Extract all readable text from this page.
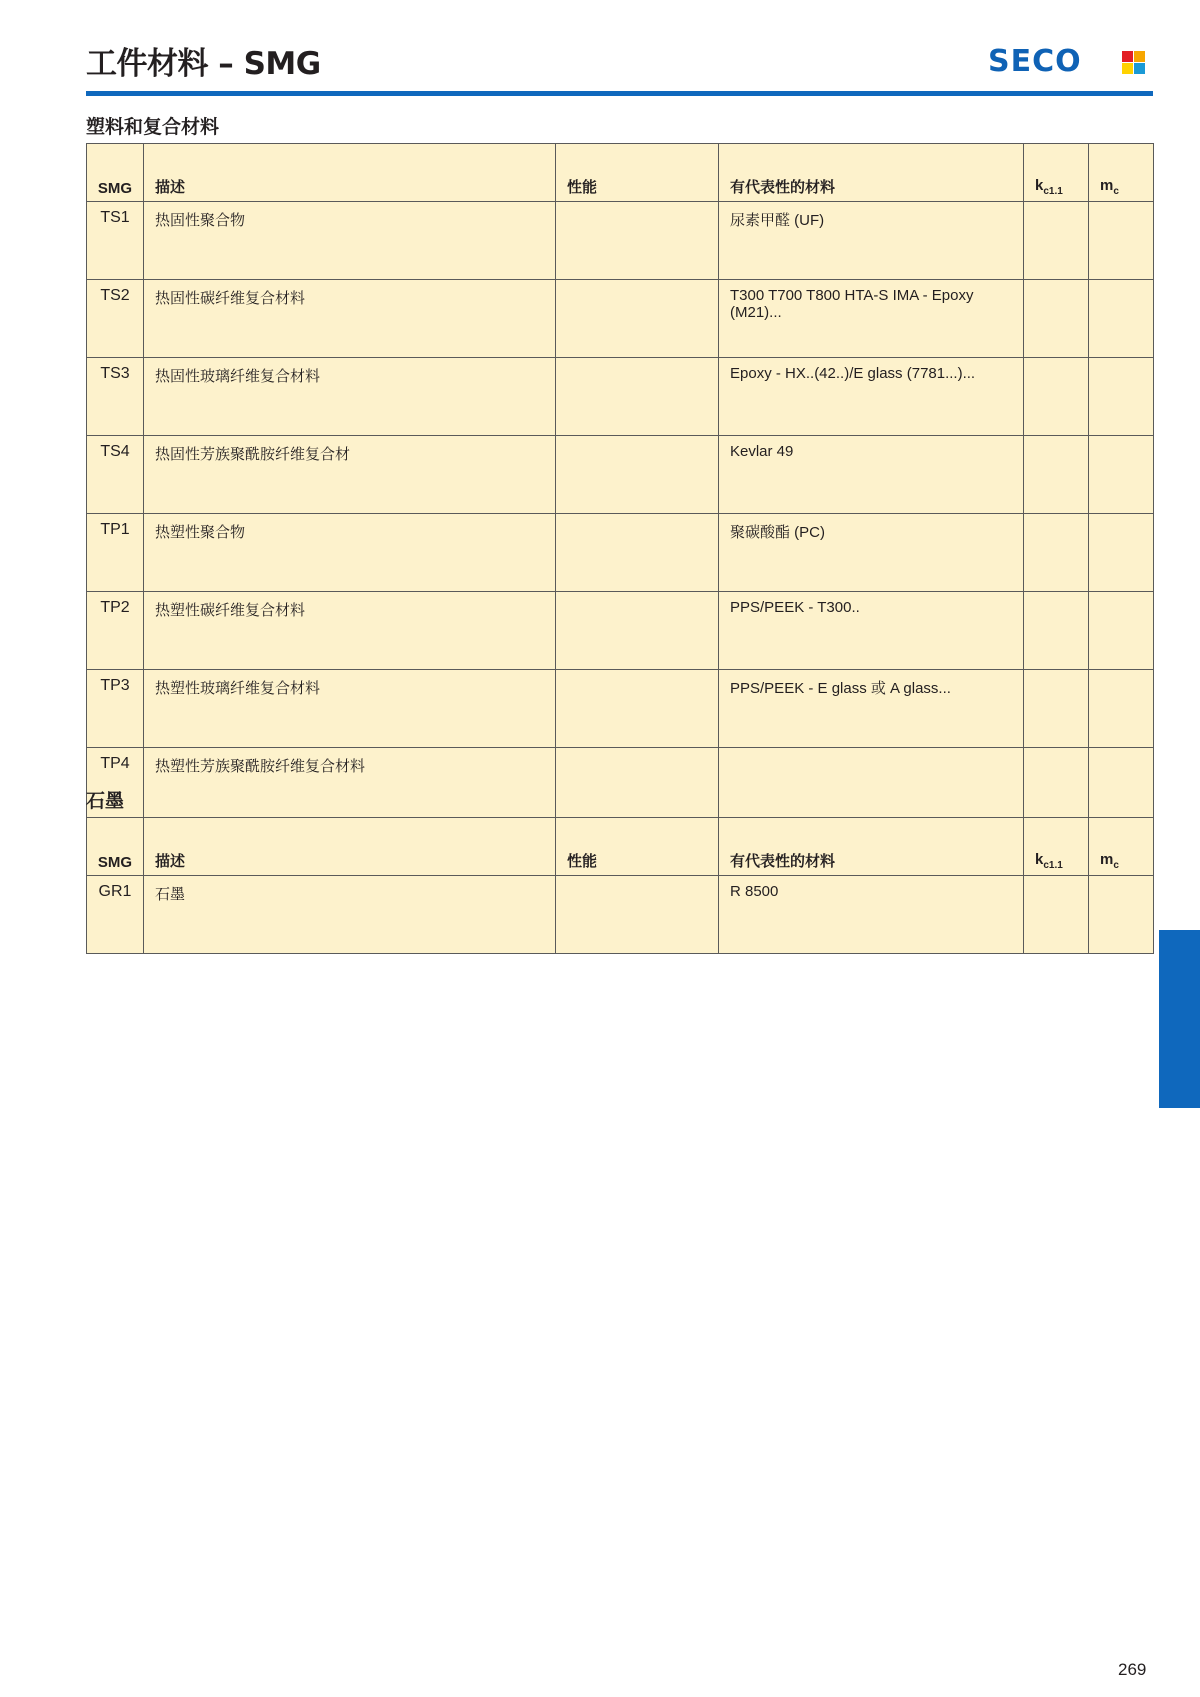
工件材料 – SMG	SECO
塑料和复合材料
SMG	描述	性能	有代表性的材料	$k_{c1.1}$	$m_c$
TS1	热固性聚合物		尿素甲醛 (UF)		
TS2	热固性碳纤维复合材料		T300 T700 T800 HTA-S IMA - Epoxy (M21)...		
TS3	热固性玻璃纤维复合材料		Epoxy - HX..(42..)/E glass (7781...)...		
TS4	热固性芳族聚酰胺纤维复合材		Kevlar 49		
TP1	热塑性聚合物		聚碳酸酯 (PC)		
TP2	热塑性碳纤维复合材料		PPS/PEEK - T300..		
TP3	热塑性玻璃纤维复合材料		PPS/PEEK - E glass 或 A glass...		
TP4	热塑性芳族聚酰胺纤维复合材料				
石墨
SMG	描述	性能	有代表性的材料	$k_{c1.1}$	$m_c$
GR1	石墨		R 8500		
269
